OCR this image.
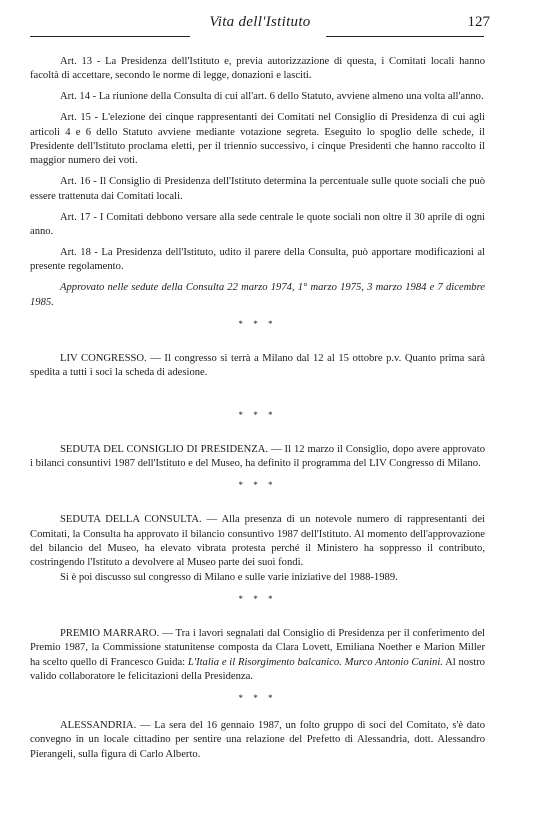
Vita dell'Istituto	127

Art. 13 - La Presidenza dell'Istituto e, previa autorizzazione di questa, i Comitati locali hanno facoltà di accettare, secondo le norme di legge, donazioni e lasciti.

Art. 14 - La riunione della Consulta di cui all'art. 6 dello Statuto, avviene almeno una volta all'anno.

Art. 15 - L'elezione dei cinque rappresentanti dei Comitati nel Consiglio di Presidenza di cui agli articoli 4 e 6 dello Statuto avviene mediante votazione segreta. Eseguito lo spoglio delle schede, il Presidente dell'Istituto proclama eletti, per il triennio successivo, i cinque Presidenti che hanno raccolto il maggior numero dei voti.

Art. 16 - Il Consiglio di Presidenza dell'Istituto determina la percentuale sulle quote sociali che può essere trattenuta dai Comitati locali.

Art. 17 - I Comitati debbono versare alla sede centrale le quote sociali non oltre il 30 aprile di ogni anno.

Art. 18 - La Presidenza dell'Istituto, udito il parere della Consulta, può apportare modificazioni al presente regolamento.

Approvato nelle sedute della Consulta 22 marzo 1974, 1° marzo 1975, 3 marzo 1984 e 7 dicembre 1985.

* * *

LIV CONGRESSO. — Il congresso si terrà a Milano dal 12 al 15 ottobre p.v. Quanto prima sarà spedita a tutti i soci la scheda di adesione.

* * *

SEDUTA DEL CONSIGLIO DI PRESIDENZA. — Il 12 marzo il Consiglio, dopo avere approvato i bilanci consuntivi 1987 dell'Istituto e del Museo, ha definito il programma del LIV Congresso di Milano.

* * *

SEDUTA DELLA CONSULTA. — Alla presenza di un notevole numero di rappresentanti dei Comitati, la Consulta ha approvato il bilancio consuntivo 1987 dell'Istituto. Al momento dell'approvazione del bilancio del Museo, ha elevato vibrata protesta perché il Ministero ha soppresso il contributo, costringendo l'Istituto a devolvere al Museo parte dei suoi fondi.

Si è poi discusso sul congresso di Milano e sulle varie iniziative del 1988-1989.

* * *

PREMIO MARRARO. — Tra i lavori segnalati dal Consiglio di Presidenza per il conferimento del Premio 1987, la Commissione statunitense composta da Clara Lovett, Emiliana Noether e Marion Miller ha scelto quello di Francesco Guida: L'Italia e il Risorgimento balcanico. Murco Antonio Canini. Al nostro valido collaboratore le felicitazioni della Presidenza.

* * *

ALESSANDRIA. — La sera del 16 gennaio 1987, un folto gruppo di soci del Comitato, s'è dato convegno in un locale cittadino per sentire una relazione del Prefetto di Alessandria, dott. Alessandro Pierangeli, sulla figura di Carlo Alberto.
